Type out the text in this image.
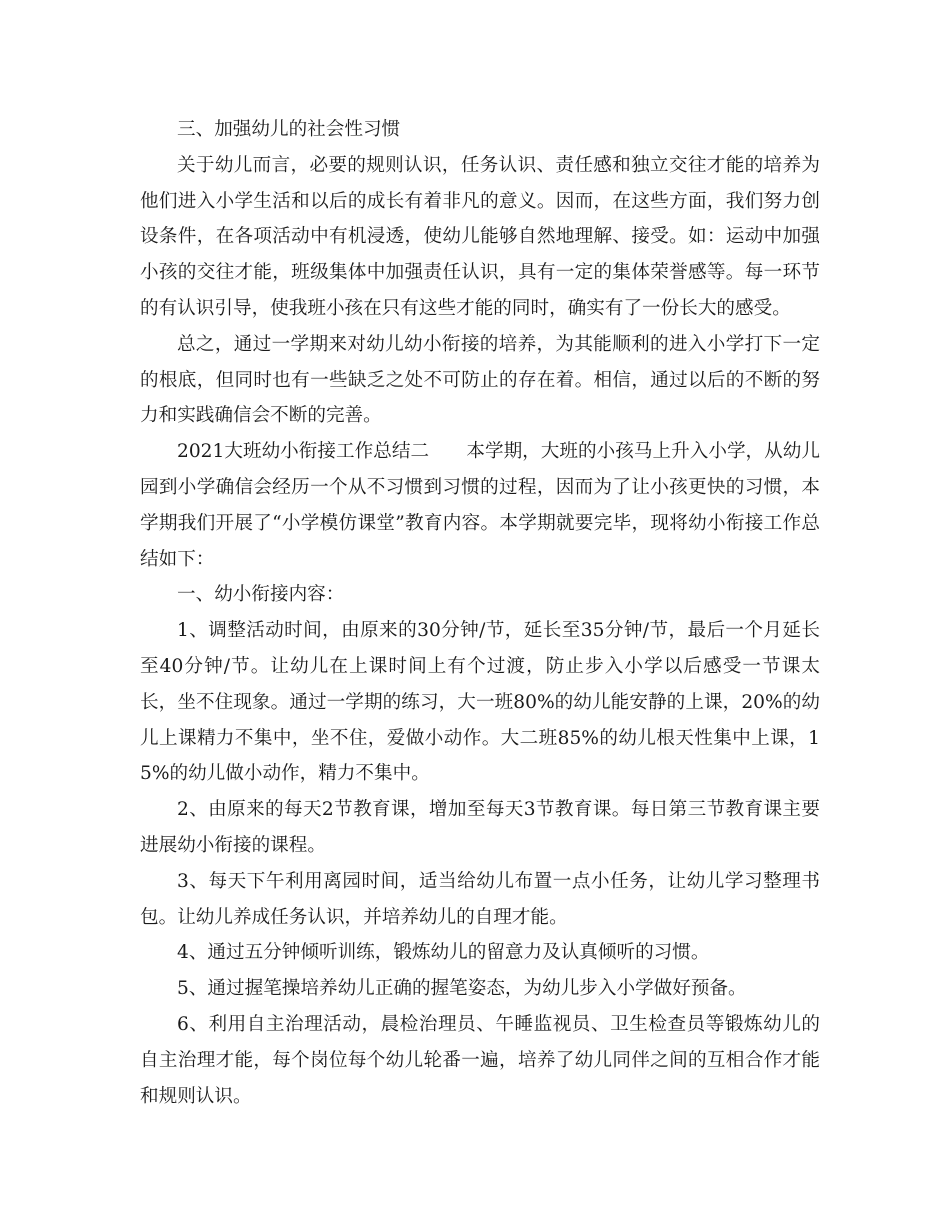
三、加强幼儿的社会性习惯

关于幼儿而言，必要的规则认识，任务认识、责任感和独立交往才能的培养为他们进入小学生活和以后的成长有着非凡的意义。因而，在这些方面，我们努力创设条件，在各项活动中有机浸透，使幼儿能够自然地理解、接受。如：运动中加强小孩的交往才能，班级集体中加强责任认识，具有一定的集体荣誉感等。每一环节的有认识引导，使我班小孩在只有这些才能的同时，确实有了一份长大的感受。

总之，通过一学期来对幼儿幼小衔接的培养，为其能顺利的进入小学打下一定的根底，但同时也有一些缺乏之处不可防止的存在着。相信，通过以后的不断的努力和实践确信会不断的完善。

2021大班幼小衔接工作总结二　　本学期，大班的小孩马上升入小学，从幼儿园到小学确信会经历一个从不习惯到习惯的过程，因而为了让小孩更快的习惯，本学期我们开展了“小学模仿课堂”教育内容。本学期就要完毕，现将幼小衔接工作总结如下：

一、幼小衔接内容：

1、调整活动时间，由原来的30分钟/节，延长至35分钟/节，最后一个月延长至40分钟/节。让幼儿在上课时间上有个过渡，防止步入小学以后感受一节课太长，坐不住现象。通过一学期的练习，大一班80%的幼儿能安静的上课，20%的幼儿上课精力不集中，坐不住，爱做小动作。大二班85%的幼儿根天性集中上课，15%的幼儿做小动作，精力不集中。

2、由原来的每天2节教育课，增加至每天3节教育课。每日第三节教育课主要进展幼小衔接的课程。

3、每天下午利用离园时间，适当给幼儿布置一点小任务，让幼儿学习整理书包。让幼儿养成任务认识，并培养幼儿的自理才能。

4、通过五分钟倾听训练，锻炼幼儿的留意力及认真倾听的习惯。

5、通过握笔操培养幼儿正确的握笔姿态，为幼儿步入小学做好预备。

6、利用自主治理活动，晨检治理员、午睡监视员、卫生检查员等锻炼幼儿的自主治理才能，每个岗位每个幼儿轮番一遍，培养了幼儿同伴之间的互相合作才能和规则认识。
